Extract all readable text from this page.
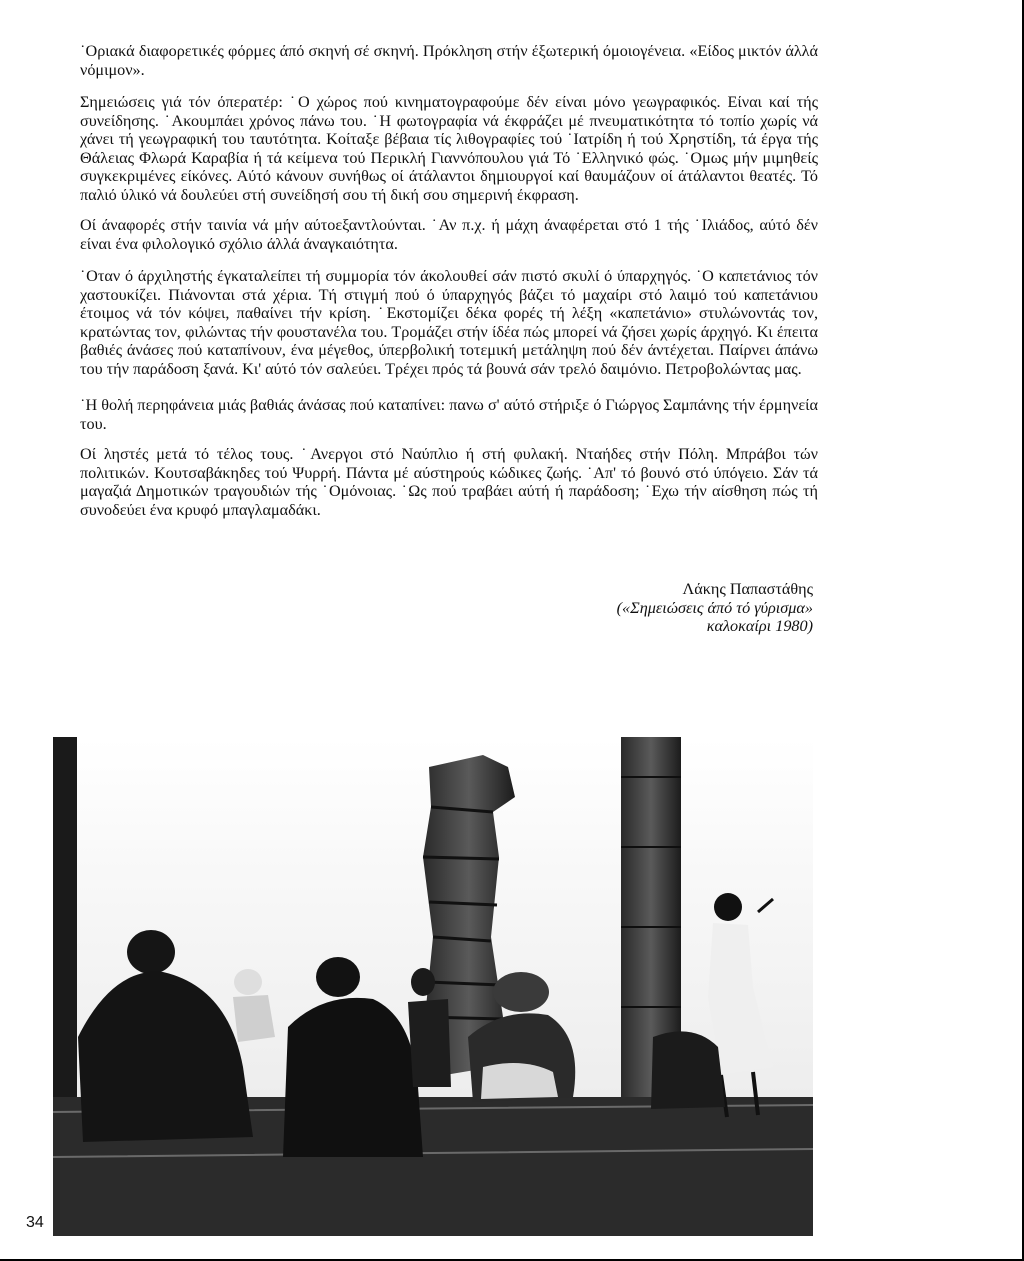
˙Οριακά διαφορετικές φόρμες άπό σκηνή σέ σκηνή. Πρόκληση στήν έξωτερική όμοιογένεια. «Είδος μικτόν άλλά νόμιμον».

Σημειώσεις γιά τόν όπερατέρ: ˙Ο χώρος πού κινηματογραφούμε δέν είναι μόνο γεωγραφικός. Είναι καί τής συνείδησης. ˙Ακουμπάει χρόνος πάνω του. ˙Η φωτογραφία νά έκφράζει μέ πνευματικότητα τό τοπίο χωρίς νά χάνει τή γεωγραφική του ταυτότητα. Κοίταξε βέβαια τίς λιθογραφίες τού ˙Ιατρίδη ή τού Χρηστίδη, τά έργα τής Θάλειας Φλωρά Καραβία ή τά κείμενα τού Περικλή Γιαννόπουλου γιά Τό ˙Ελληνικό φώς. ˙Ομως μήν μιμηθείς συγκεκριμένες είκόνες. Αύτό κάνουν συνήθως οί άτάλαντοι δημιουργοί καί θαυμάζουν οί άτάλαντοι θεατές. Τό παλιό ύλικό νά δουλεύει στή συνείδησή σου τή δική σου σημερινή έκφραση.

Οί άναφορές στήν ταινία νά μήν αύτοεξαντλούνται. ˙Αν π.χ. ή μάχη άναφέρεται στό 1 τής ˙Ιλιάδος, αύτό δέν είναι ένα φιλολογικό σχόλιο άλλά άναγκαιότητα.

˙Οταν ό άρχιληστής έγκαταλείπει τή συμμορία τόν άκολουθεί σάν πιστό σκυλί ό ύπαρχηγός. ˙Ο καπετάνιος τόν χαστουκίζει. Πιάνονται στά χέρια. Τή στιγμή πού ό ύπαρχηγός βάζει τό μαχαίρι στό λαιμό τού καπετάνιου έτοιμος νά τόν κόψει, παθαίνει τήν κρίση. ˙Εκστομίζει δέκα φορές τή λέξη «καπετάνιο» στυλώνοντάς τον, κρατώντας τον, φιλώντας τήν φουστανέλα του. Τρομάζει στήν ίδέα πώς μπορεί νά ζήσει χωρίς άρχηγό. Κι έπειτα βαθιές άνάσες πού καταπίνουν, ένα μέγεθος, ύπερβολική τοτεμική μετάληψη πού δέν άντέχεται. Παίρνει άπάνω του τήν παράδοση ξανά. Κι' αύτό τόν σαλεύει. Τρέχει πρός τά βουνά σάν τρελό δαιμόνιο. Πετροβολώντας μας.

˙Η θολή περηφάνεια μιάς βαθιάς άνάσας πού καταπίνει: πανω σ' αύτό στήριξε ό Γιώργος Σαμπάνης τήν έρμηνεία του.

Οί ληστές μετά τό τέλος τους. ˙Ανεργοι στό Ναύπλιο ή στή φυλακή. Νταήδες στήν Πόλη. Μπράβοι τών πολιτικών. Κουτσαβάκηδες τού Ψυρρή. Πάντα μέ αύστηρούς κώδικες ζωής. ˙Απ' τό βουνό στό ύπόγειο. Σάν τά μαγαζιά Δημοτικών τραγουδιών τής ˙Ομόνοιας. ˙Ως πού τραβάει αύτή ή παράδοση; ˙Εχω τήν αίσθηση πώς τή συνοδεύει ένα κρυφό μπαγλαμαδάκι.

Λάκης Παπαστάθης
(«Σημειώσεις άπό τό γύρισμα»
καλοκαίρι 1980)
34
